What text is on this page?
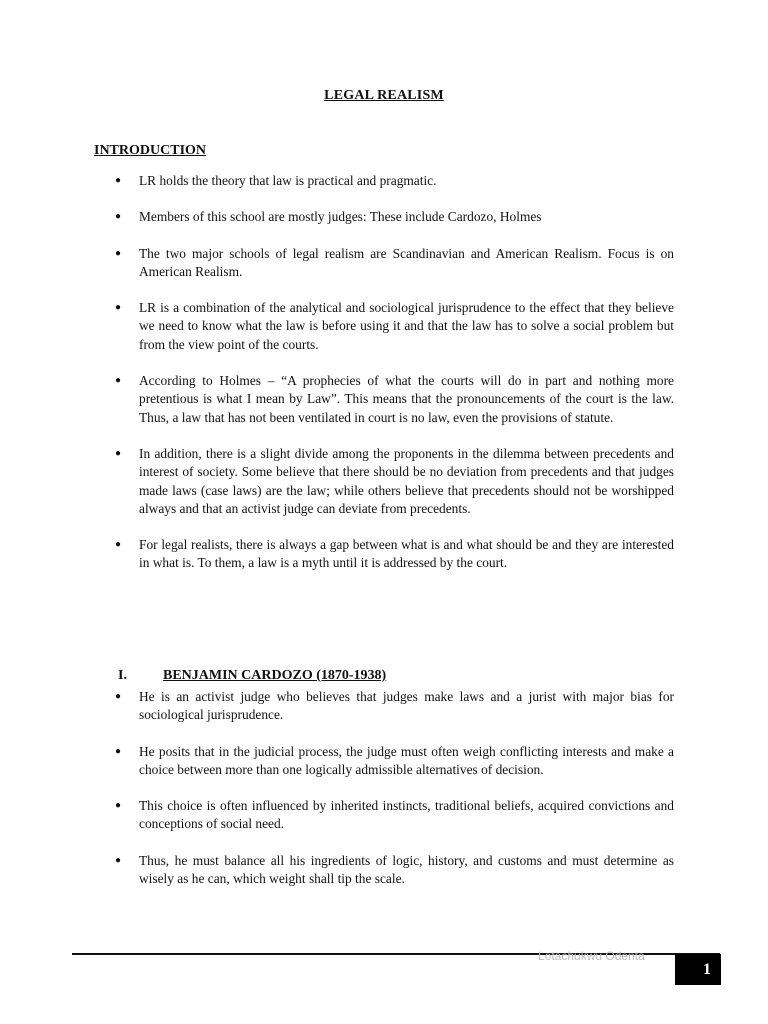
LEGAL REALISM
INTRODUCTION
● LR holds the theory that law is practical and pragmatic.
● Members of this school are mostly judges: These include Cardozo, Holmes
● The two major schools of legal realism are Scandinavian and American Realism. Focus is on American Realism.
● LR is a combination of the analytical and sociological jurisprudence to the effect that they believe we need to know what the law is before using it and that the law has to solve a social problem but from the view point of the courts.
● According to Holmes – “A prophecies of what the courts will do in part and nothing more pretentious is what I mean by Law”. This means that the pronouncements of the court is the law. Thus, a law that has not been ventilated in court is no law, even the provisions of statute.
● In addition, there is a slight divide among the proponents in the dilemma between precedents and interest of society. Some believe that there should be no deviation from precedents and that judges made laws (case laws) are the law; while others believe that precedents should not be worshipped always and that an activist judge can deviate from precedents.
● For legal realists, there is always a gap between what is and what should be and they are interested in what is. To them, a law is a myth until it is addressed by the court.
I.	BENJAMIN CARDOZO (1870-1938)
● He is an activist judge who believes that judges make laws and a jurist with major bias for sociological jurisprudence.
● He posits that in the judicial process, the judge must often weigh conflicting interests and make a choice between more than one logically admissible alternatives of decision.
● This choice is often influenced by inherited instincts, traditional beliefs, acquired convictions and conceptions of social need.
● Thus, he must balance all his ingredients of logic, history, and customs and must determine as wisely as he can, which weight shall tip the scale.
Lotachukwu Odenta
1
